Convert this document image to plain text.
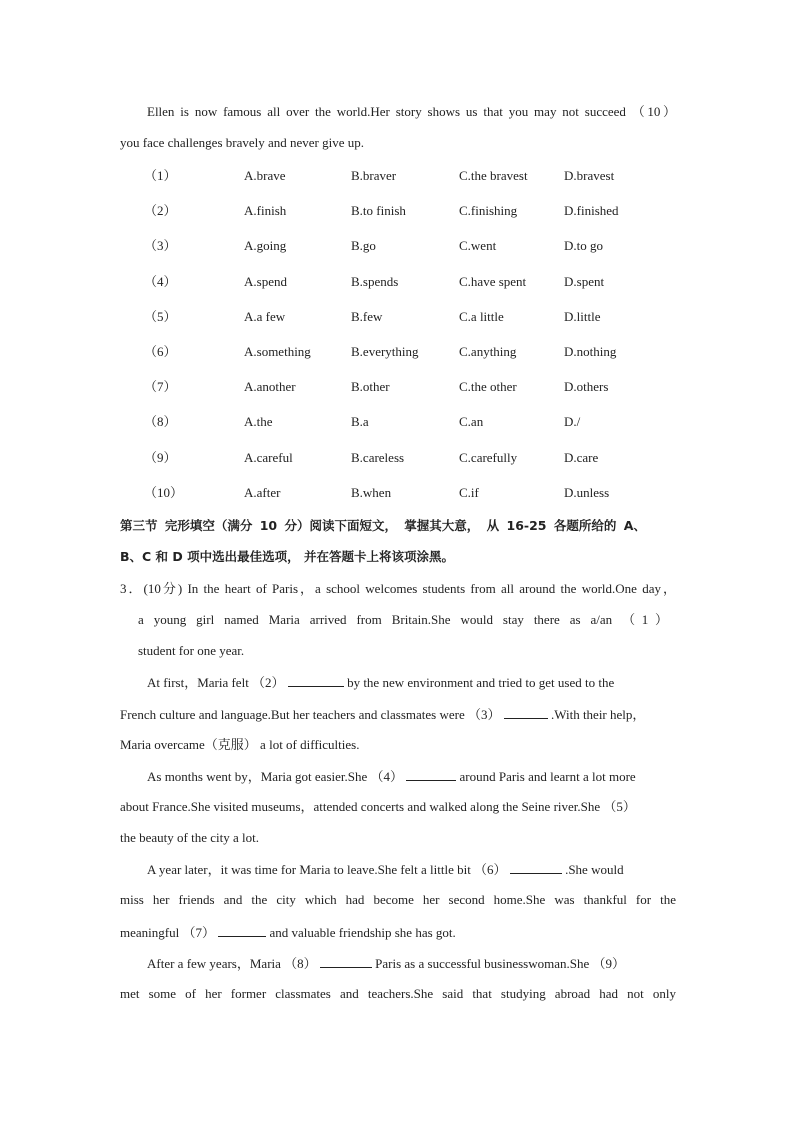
Ellen is now famous all over the world.Her story shows us that you may not succeed （10）
you face challenges bravely and never give up.
（1）	A.brave	B.braver	C.the bravest	D.bravest
（2）	A.finish	B.to finish	C.finishing	D.finished
（3）	A.going	B.go	C.went	D.to go
（4）	A.spend	B.spends	C.have spent	D.spent
（5）	A.a few	B.few	C.a little	D.little
（6）	A.something	B.everything	C.anything	D.nothing
（7）	A.another	B.other	C.the other	D.others
（8）	A.the	B.a	C.an	D./
（9）	A.careful	B.careless	C.carefully	D.care
（10）	A.after	B.when	C.if	D.unless
第三节 完形填空（满分 10 分）阅读下面短文， 掌握其大意， 从 16-25 各题所给的 A、
B、C 和 D 项中选出最佳选项， 并在答题卡上将该项涂黑。
3．(10分) In the heart of Paris，a school welcomes students from all around the world.One day，
a young girl named Maria arrived from Britain.She would stay there as a/an （1）
student for one year.
At first，Maria felt （2）	by the new environment and tried to get used to the
French culture and language.But her teachers and classmates were （3）	.With their help，
Maria overcame（克服） a lot of difficulties.
As months went by，Maria got easier.She （4）	around Paris and learnt a lot more
about France.She visited museums，attended concerts and walked along the Seine river.She （5）
the beauty of the city a lot.
A year later，it was time for Maria to leave.She felt a little bit （6）	.She would
miss her friends and the city which had become her second home.She was thankful for the
meaningful （7）	and valuable friendship she has got.
After a few years，Maria （8）	Paris as a successful businesswoman.She （9）
met some of her former classmates and teachers.She said that studying abroad had not only
